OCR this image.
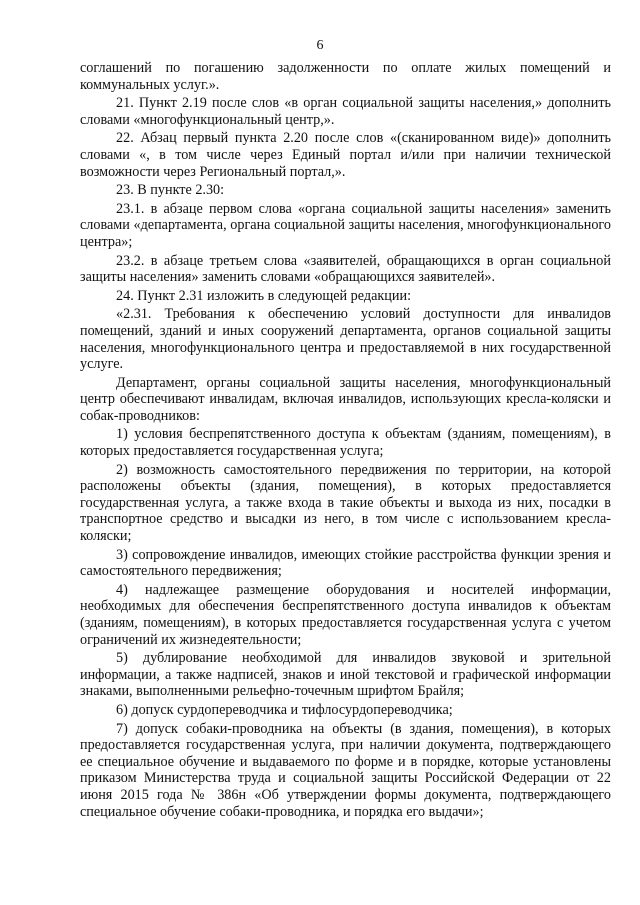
6

соглашений по погашению задолженности по оплате жилых помещений и коммунальных услуг.».

21. Пункт 2.19 после слов «в орган социальной защиты населения,» дополнить словами «многофункциональный центр,».

22. Абзац первый пункта 2.20 после слов «(сканированном виде)» дополнить словами «, в том числе через Единый портал и/или при наличии технической возможности через Региональный портал,».

23. В пункте 2.30:

23.1. в абзаце первом слова «органа социальной защиты населения» заменить словами «департамента, органа социальной защиты населения, многофункционального центра»;

23.2. в абзаце третьем слова «заявителей, обращающихся в орган социальной защиты населения» заменить словами «обращающихся заявителей».

24. Пункт 2.31 изложить в следующей редакции:

«2.31. Требования к обеспечению условий доступности для инвалидов помещений, зданий и иных сооружений департамента, органов социальной защиты населения, многофункционального центра и предоставляемой в них государственной услуге.

Департамент, органы социальной защиты населения, многофункциональный центр обеспечивают инвалидам, включая инвалидов, использующих кресла-коляски и собак-проводников:

1) условия беспрепятственного доступа к объектам (зданиям, помещениям), в которых предоставляется государственная услуга;

2) возможность самостоятельного передвижения по территории, на которой расположены объекты (здания, помещения), в которых предоставляется государственная услуга, а также входа в такие объекты и выхода из них, посадки в транспортное средство и высадки из него, в том числе с использованием кресла-коляски;

3) сопровождение инвалидов, имеющих стойкие расстройства функции зрения и самостоятельного передвижения;

4) надлежащее размещение оборудования и носителей информации, необходимых для обеспечения беспрепятственного доступа инвалидов к объектам (зданиям, помещениям), в которых предоставляется государственная услуга с учетом ограничений их жизнедеятельности;

5) дублирование необходимой для инвалидов звуковой и зрительной информации, а также надписей, знаков и иной текстовой и графической информации знаками, выполненными рельефно-точечным шрифтом Брайля;

6) допуск сурдопереводчика и тифлосурдопереводчика;

7) допуск собаки-проводника на объекты (в здания, помещения), в которых предоставляется государственная услуга, при наличии документа, подтверждающего ее специальное обучение и выдаваемого по форме и в порядке, которые установлены приказом Министерства труда и социальной защиты Российской Федерации от 22 июня 2015 года № 386н «Об утверждении формы документа, подтверждающего специальное обучение собаки-проводника, и порядка его выдачи»;
